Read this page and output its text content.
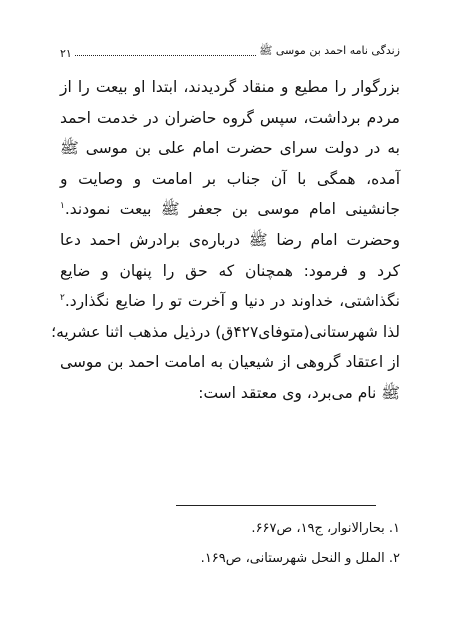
زندگی نامه احمد بن موسی ﷺ
۲۱
بزرگوار را مطیع و منقاد گردیدند، ابتدا او بیعت را از
مردم برداشت، سپس گروه حاضران در خدمت احمد
به در دولت سرای حضرت امام علی بن موسی ﷺ
آمده، همگی با آن جناب بر امامت و وصایت و
جانشینی امام موسی بن جعفر ﷺ بیعت نمودند.$^۱$
وحضرت امام رضا ﷺ درباره‌ی برادرش احمد دعا
کرد و فرمود: همچنان که حق را پنهان و ضایع
نگذاشتی، خداوند در دنیا و آخرت تو را ضایع نگذارد.$^۲$
لذا شهرستانی(متوفای۴۲۷ق) درذیل مذهب اثنا عشریه؛
از اعتقاد گروهی از شیعیان به امامت احمد بن موسی
ﷺ نام می‌برد، وی معتقد است:
۱. بحارالانوار، ج۱۹، ص۶۶۷.
۲. الملل و النحل شهرستانی، ص۱۶۹.
